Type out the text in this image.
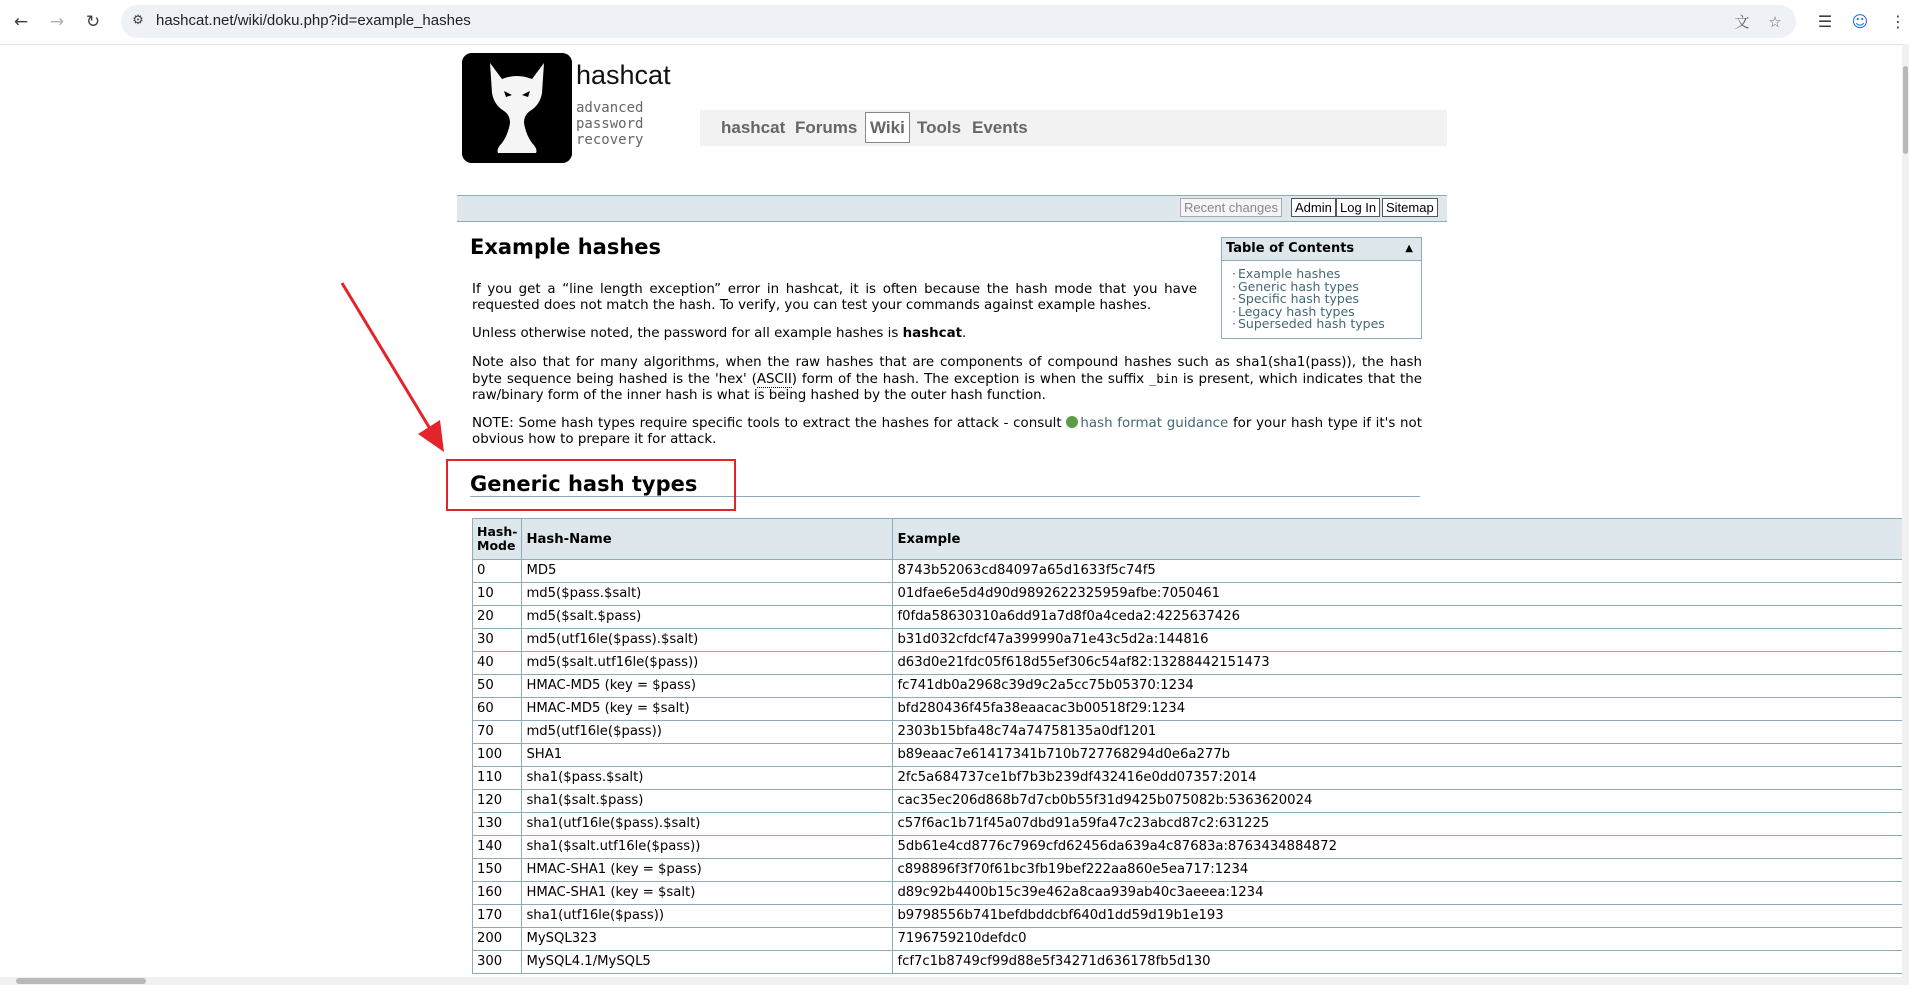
← → ↻	⚙ hashcat.net/wiki/doku.php?id=example_hashes	文 ☆	☰	☺ ⋮
hashcat
advanced
password
recovery
hashcat Forums Wiki Tools Events
Recent changes	Admin Log In Sitemap
Example hashes	Table of Contents	▲
· Example hashes
· Generic hash types
· Specific hash types
· Legacy hash types
· Superseded hash types
If you get a “line length exception” error in hashcat, it is often because the hash mode that you have requested does not match the hash. To verify, you can test your commands against example hashes.
Unless otherwise noted, the password for all example hashes is hashcat.
Note also that for many algorithms, when the raw hashes that are components of compound hashes such as sha1(sha1(pass)), the hash byte sequence being hashed is the 'hex' (ASCII) form of the hash. The exception is when the suffix _bin is present, which indicates that the raw/binary form of the inner hash is what is being hashed by the outer hash function.
NOTE: Some hash types require specific tools to extract the hashes for attack - consult hash format guidance for your hash type if it's not obvious how to prepare it for attack.
Generic hash types
Hash-
Mode	Hash-Name	Example
0	MD5	8743b52063cd84097a65d1633f5c74f5
10	md5($pass.$salt)	01dfae6e5d4d90d9892622325959afbe:7050461
20	md5($salt.$pass)	f0fda58630310a6dd91a7d8f0a4ceda2:4225637426
30	md5(utf16le($pass).$salt)	b31d032cfdcf47a399990a71e43c5d2a:144816
40	md5($salt.utf16le($pass))	d63d0e21fdc05f618d55ef306c54af82:13288442151473
50	HMAC-MD5 (key = $pass)	fc741db0a2968c39d9c2a5cc75b05370:1234
60	HMAC-MD5 (key = $salt)	bfd280436f45fa38eaacac3b00518f29:1234
70	md5(utf16le($pass))	2303b15bfa48c74a74758135a0df1201
100	SHA1	b89eaac7e61417341b710b727768294d0e6a277b
110	sha1($pass.$salt)	2fc5a684737ce1bf7b3b239df432416e0dd07357:2014
120	sha1($salt.$pass)	cac35ec206d868b7d7cb0b55f31d9425b075082b:5363620024
130	sha1(utf16le($pass).$salt)	c57f6ac1b71f45a07dbd91a59fa47c23abcd87c2:631225
140	sha1($salt.utf16le($pass))	5db61e4cd8776c7969cfd62456da639a4c87683a:8763434884872
150	HMAC-SHA1 (key = $pass)	c898896f3f70f61bc3fb19bef222aa860e5ea717:1234
160	HMAC-SHA1 (key = $salt)	d89c92b4400b15c39e462a8caa939ab40c3aeeea:1234
170	sha1(utf16le($pass))	b9798556b741befdbddcbf640d1dd59d19b1e193
200	MySQL323	7196759210defdc0
300	MySQL4.1/MySQL5	fcf7c1b8749cf99d88e5f34271d636178fb5d130
